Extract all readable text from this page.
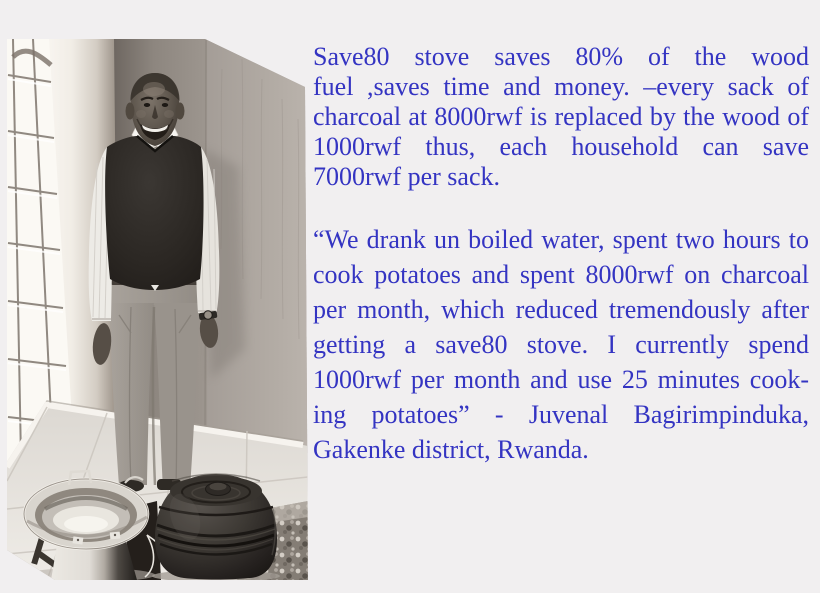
Save80 stove saves 80% of the wood
fuel ,saves time and money. –every sack of
charcoal at 8000rwf is replaced by the wood of
1000rwf thus, each household can save
7000rwf per sack.
“We drank un boiled water, spent two hours to
cook potatoes and spent 8000rwf on charcoal
per month, which reduced tremendously after
getting a save80 stove. I currently spend
1000rwf per month and use 25 minutes cook-
ing potatoes” - Juvenal Bagirimpinduka,
Gakenke district, Rwanda.
